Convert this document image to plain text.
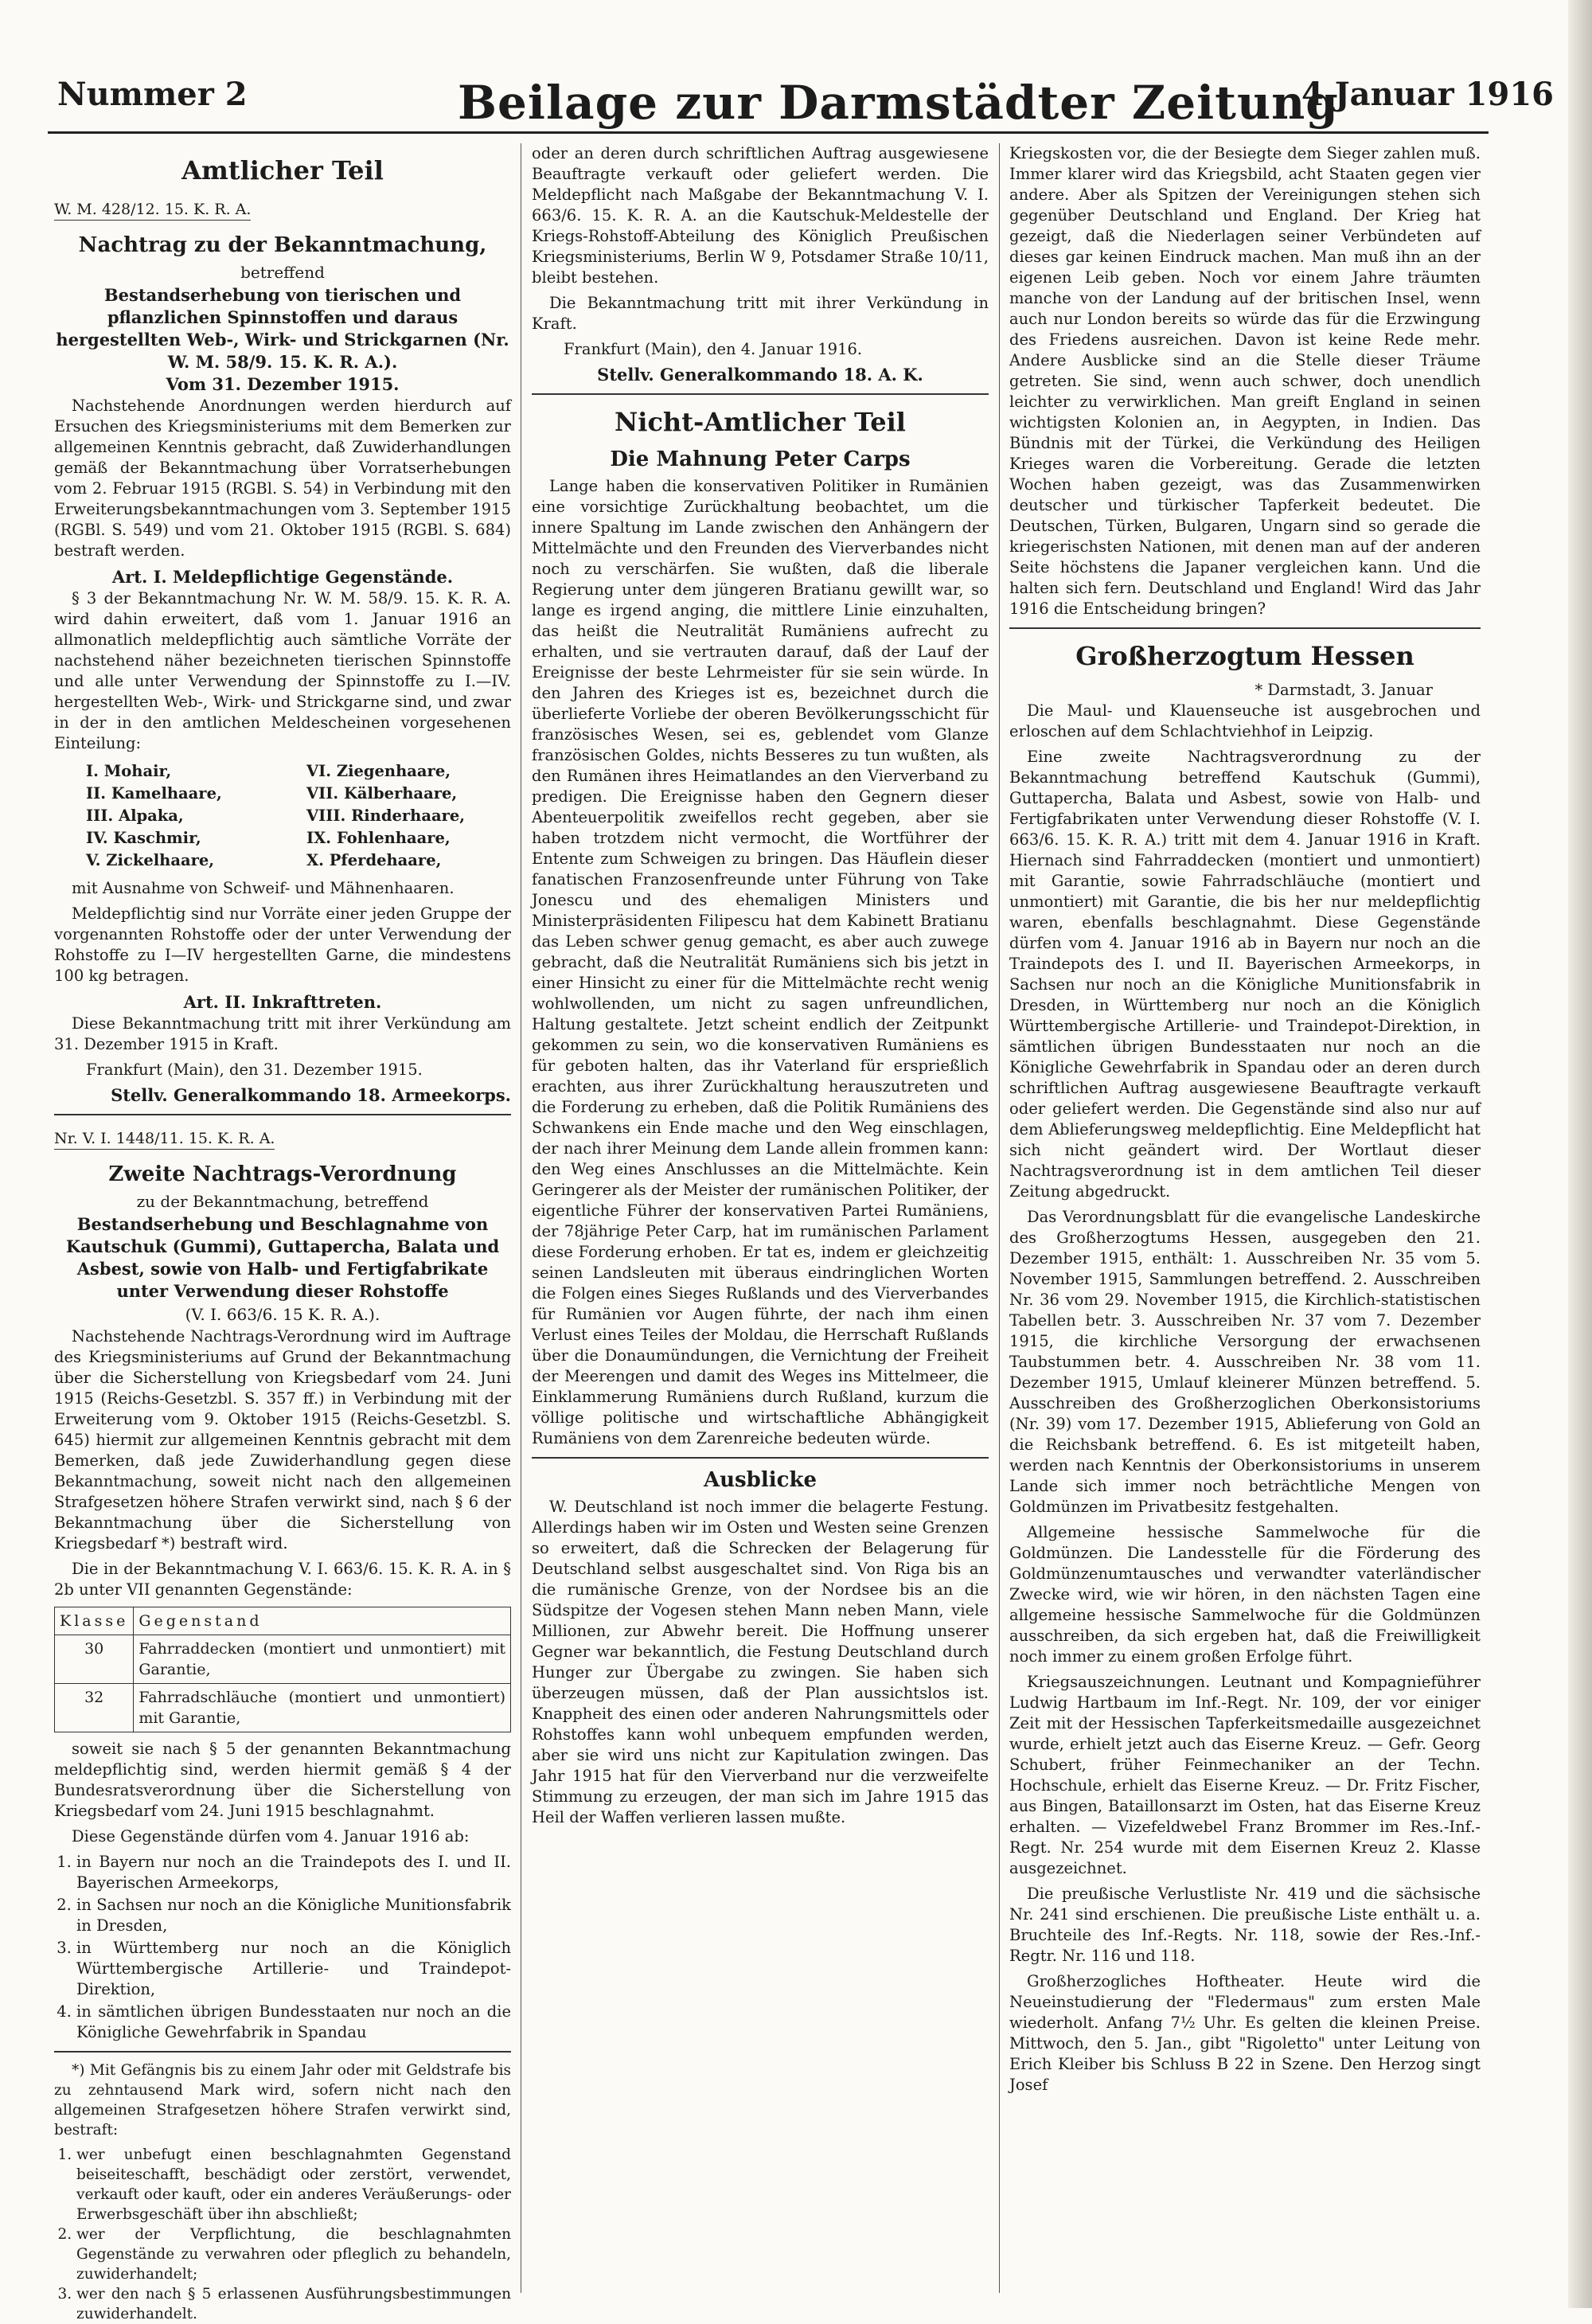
Nummer 2	Beilage zur Darmstädter Zeitung
4 Januar 1916
Amtlicher Teil
W. M. 428/12. 15. K. R. A.
Nachtrag zu der Bekanntmachung,
betreffend
Bestandserhebung von tierischen und pflanzlichen Spinnstoffen und daraus hergestellten Web-, Wirk- und Strickgarnen (Nr. W. M. 58/9. 15. K. R. A.).
Vom 31. Dezember 1915.

Nachstehende Anordnungen werden hierdurch auf Ersuchen des Kriegsministeriums mit dem Bemerken zur allgemeinen Kenntnis gebracht, daß Zuwiderhandlungen gemäß der Bekanntmachung über Vorratserhebungen vom 2. Februar 1915 (RGBl. S. 54) in Verbindung mit den Erweiterungsbekanntmachungen vom 3. September 1915 (RGBl. S. 549) und vom 21. Oktober 1915 (RGBl. S. 684) bestraft werden.

Art. I. Meldepflichtige Gegenstände.

§ 3 der Bekanntmachung Nr. W. M. 58/9. 15. K. R. A. wird dahin erweitert, daß vom 1. Januar 1916 an allmonatlich meldepflichtig auch sämtliche Vorräte der nachstehend näher bezeichneten tierischen Spinnstoffe und alle unter Verwendung der Spinnstoffe zu I.—IV. hergestellten Web-, Wirk- und Strickgarne sind, und zwar in der in den amtlichen Meldescheinen vorgesehenen Einteilung:

I. Mohair,	VI. Ziegenhaare,
II. Kamelhaare,	VII. Kälberhaare,
III. Alpaka,	VIII. Rinderhaare,
IV. Kaschmir,	IX. Fohlenhaare,
V. Zickelhaare,	X. Pferdehaare,

mit Ausnahme von Schweif- und Mähnenhaaren.

Meldepflichtig sind nur Vorräte einer jeden Gruppe der vorgenannten Rohstoffe oder der unter Verwendung der Rohstoffe zu I—IV hergestellten Garne, die mindestens 100 kg betragen.

Art. II. Inkrafttreten.

Diese Bekanntmachung tritt mit ihrer Verkündung am 31. Dezember 1915 in Kraft.

Frankfurt (Main), den 31. Dezember 1915.

Stellv. Generalkommando 18. Armeekorps.
Nr. V. I. 1448/11. 15. K. R. A.
Zweite Nachtrags-Verordnung
zu der Bekanntmachung, betreffend
Bestandserhebung und Beschlagnahme von Kautschuk (Gummi), Guttapercha, Balata und Asbest, sowie von Halb- und Fertigfabrikate unter Verwendung dieser Rohstoffe
(V. I. 663/6. 15 K. R. A.).

Nachstehende Nachtrags-Verordnung wird im Auftrage des Kriegsministeriums auf Grund der Bekanntmachung über die Sicherstellung von Kriegsbedarf vom 24. Juni 1915 (Reichs-Gesetzbl. S. 357 ff.) in Verbindung mit der Erweiterung vom 9. Oktober 1915 (Reichs-Gesetzbl. S. 645) hiermit zur allgemeinen Kenntnis gebracht mit dem Bemerken, daß jede Zuwiderhandlung gegen diese Bekanntmachung, soweit nicht nach den allgemeinen Strafgesetzen höhere Strafen verwirkt sind, nach § 6 der Bekanntmachung über die Sicherstellung von Kriegsbedarf *) bestraft wird.

Die in der Bekanntmachung V. I. 663/6. 15. K. R. A. in § 2b unter VII genannten Gegenstände:

Klasse	Gegenstand
30	Fahrraddecken (montiert und unmontiert) mit Garantie,
32	Fahrradschläuche (montiert und unmontiert) mit Garantie,

soweit sie nach § 5 der genannten Bekanntmachung meldepflichtig sind, werden hiermit gemäß § 4 der Bundesratsverordnung über die Sicherstellung von Kriegsbedarf vom 24. Juni 1915 beschlagnahmt.

Diese Gegenstände dürfen vom 4. Januar 1916 ab:

1. in Bayern nur noch an die Traindepots des I. und II. Bayerischen Armeekorps,
2. in Sachsen nur noch an die Königliche Munitionsfabrik in Dresden,
3. in Württemberg nur noch an die Königlich Württembergische Artillerie- und Traindepot-Direktion,
4. in sämtlichen übrigen Bundesstaaten nur noch an die Königliche Gewehrfabrik in Spandau

*) Mit Gefängnis bis zu einem Jahr oder mit Geldstrafe bis zu zehntausend Mark wird, sofern nicht nach den allgemeinen Strafgesetzen höhere Strafen verwirkt sind, bestraft:

1. wer unbefugt einen beschlagnahmten Gegenstand beiseiteschafft, beschädigt oder zerstört, verwendet, verkauft oder kauft, oder ein anderes Veräußerungs- oder Erwerbsgeschäft über ihn abschließt;
2. wer der Verpflichtung, die beschlagnahmten Gegenstände zu verwahren oder pfleglich zu behandeln, zuwiderhandelt;
3. wer den nach § 5 erlassenen Ausführungsbestimmungen zuwiderhandelt.

oder an deren durch schriftlichen Auftrag ausgewiesene Beauftragte verkauft oder geliefert werden. Die Meldepflicht nach Maßgabe der Bekanntmachung V. I. 663/6. 15. K. R. A. an die Kautschuk-Meldestelle der Kriegs-Rohstoff-Abteilung des Königlich Preußischen Kriegsministeriums, Berlin W 9, Potsdamer Straße 10/11, bleibt bestehen.

Die Bekanntmachung tritt mit ihrer Verkündung in Kraft.

Frankfurt (Main), den 4. Januar 1916.

Stellv. Generalkommando 18. A. K.
Nicht-Amtlicher Teil
Die Mahnung Peter Carps

Lange haben die konservativen Politiker in Rumänien eine vorsichtige Zurückhaltung beobachtet, um die innere Spaltung im Lande zwischen den Anhängern der Mittelmächte und den Freunden des Vierverbandes nicht noch zu verschärfen. Sie wußten, daß die liberale Regierung unter dem jüngeren Bratianu gewillt war, so lange es irgend anging, die mittlere Linie einzuhalten, das heißt die Neutralität Rumäniens aufrecht zu erhalten, und sie vertrauten darauf, daß der Lauf der Ereignisse der beste Lehrmeister für sie sein würde. In den Jahren des Krieges ist es, bezeichnet durch die überlieferte Vorliebe der oberen Bevölkerungsschicht für französisches Wesen, sei es, geblendet vom Glanze französischen Goldes, nichts Besseres zu tun wußten, als den Rumänen ihres Heimatlandes an den Vierverband zu predigen. Die Ereignisse haben den Gegnern dieser Abenteuerpolitik zweifellos recht gegeben, aber sie haben trotzdem nicht vermocht, die Wortführer der Entente zum Schweigen zu bringen. Das Häuflein dieser fanatischen Franzosenfreunde unter Führung von Take Jonescu und des ehemaligen Ministers und Ministerpräsidenten Filipescu hat dem Kabinett Bratianu das Leben schwer genug gemacht, es aber auch zuwege gebracht, daß die Neutralität Rumäniens sich bis jetzt in einer Hinsicht zu einer für die Mittelmächte recht wenig wohlwollenden, um nicht zu sagen unfreundlichen, Haltung gestaltete. Jetzt scheint endlich der Zeitpunkt gekommen zu sein, wo die konservativen Rumäniens es für geboten halten, das ihr Vaterland für ersprießlich erachten, aus ihrer Zurückhaltung herauszutreten und die Forderung zu erheben, daß die Politik Rumäniens des Schwankens ein Ende mache und den Weg einschlagen, der nach ihrer Meinung dem Lande allein frommen kann: den Weg eines Anschlusses an die Mittelmächte. Kein Geringerer als der Meister der rumänischen Politiker, der eigentliche Führer der konservativen Partei Rumäniens, der 78jährige Peter Carp, hat im rumänischen Parlament diese Forderung erhoben. Er tat es, indem er gleichzeitig seinen Landsleuten mit überaus eindringlichen Worten die Folgen eines Sieges Rußlands und des Vierverbandes für Rumänien vor Augen führte, der nach ihm einen Verlust eines Teiles der Moldau, die Herrschaft Rußlands über die Donaumündungen, die Vernichtung der Freiheit der Meerengen und damit des Weges ins Mittelmeer, die Einklammerung Rumäniens durch Rußland, kurzum die völlige politische und wirtschaftliche Abhängigkeit Rumäniens von dem Zarenreiche bedeuten würde.

Ausblicke

W. Deutschland ist noch immer die belagerte Festung. Allerdings haben wir im Osten und Westen seine Grenzen so erweitert, daß die Schrecken der Belagerung für Deutschland selbst ausgeschaltet sind. Von Riga bis an die rumänische Grenze, von der Nordsee bis an die Südspitze der Vogesen stehen Mann neben Mann, viele Millionen, zur Abwehr bereit. Die Hoffnung unserer Gegner war bekanntlich, die Festung Deutschland durch Hunger zur Übergabe zu zwingen. Sie haben sich überzeugen müssen, daß der Plan aussichtslos ist. Knappheit des einen oder anderen Nahrungsmittels oder Rohstoffes kann wohl unbequem empfunden werden, aber sie wird uns nicht zur Kapitulation zwingen. Das Jahr 1915 hat für den Vierverband nur die verzweifelte Stimmung zu erzeugen, der man sich im Jahre 1915 das Heil der Waffen verlieren lassen mußte.

Kriegskosten vor, die der Besiegte dem Sieger zahlen muß. Immer klarer wird das Kriegsbild, acht Staaten gegen vier andere. Aber als Spitzen der Vereinigungen stehen sich gegenüber Deutschland und England. Der Krieg hat gezeigt, daß die Niederlagen seiner Verbündeten auf dieses gar keinen Eindruck machen. Man muß ihn an der eigenen Leib geben. Noch vor einem Jahre träumten manche von der Landung auf der britischen Insel, wenn auch nur London bereits so würde das für die Erzwingung des Friedens ausreichen. Davon ist keine Rede mehr. Andere Ausblicke sind an die Stelle dieser Träume getreten. Sie sind, wenn auch schwer, doch unendlich leichter zu verwirklichen. Man greift England in seinen wichtigsten Kolonien an, in Aegypten, in Indien. Das Bündnis mit der Türkei, die Verkündung des Heiligen Krieges waren die Vorbereitung. Gerade die letzten Wochen haben gezeigt, was das Zusammenwirken deutscher und türkischer Tapferkeit bedeutet. Die Deutschen, Türken, Bulgaren, Ungarn sind so gerade die kriegerischsten Nationen, mit denen man auf der anderen Seite höchstens die Japaner vergleichen kann. Und die halten sich fern. Deutschland und England! Wird das Jahr 1916 die Entscheidung bringen?

Großherzogtum Hessen
* Darmstadt, 3. Januar

Die Maul- und Klauenseuche ist ausgebrochen und erloschen auf dem Schlachtviehhof in Leipzig.

Eine zweite Nachtragsverordnung zu der Bekanntmachung betreffend Kautschuk (Gummi), Guttapercha, Balata und Asbest, sowie von Halb- und Fertigfabrikaten unter Verwendung dieser Rohstoffe (V. I. 663/6. 15. K. R. A.) tritt mit dem 4. Januar 1916 in Kraft. Hiernach sind Fahrraddecken (montiert und unmontiert) mit Garantie, sowie Fahrradschläuche (montiert und unmontiert) mit Garantie, die bis her nur meldepflichtig waren, ebenfalls beschlagnahmt. Diese Gegenstände dürfen vom 4. Januar 1916 ab in Bayern nur noch an die Traindepots des I. und II. Bayerischen Armeekorps, in Sachsen nur noch an die Königliche Munitionsfabrik in Dresden, in Württemberg nur noch an die Königlich Württembergische Artillerie- und Traindepot-Direktion, in sämtlichen übrigen Bundesstaaten nur noch an die Königliche Gewehrfabrik in Spandau oder an deren durch schriftlichen Auftrag ausgewiesene Beauftragte verkauft oder geliefert werden. Die Gegenstände sind also nur auf dem Ablieferungsweg meldepflichtig. Eine Meldepflicht hat sich nicht geändert wird. Der Wortlaut dieser Nachtragsverordnung ist in dem amtlichen Teil dieser Zeitung abgedruckt.

Das Verordnungsblatt für die evangelische Landeskirche des Großherzogtums Hessen, ausgegeben den 21. Dezember 1915, enthält: 1. Ausschreiben Nr. 35 vom 5. November 1915, Sammlungen betreffend. 2. Ausschreiben Nr. 36 vom 29. November 1915, die Kirchlich-statistischen Tabellen betr. 3. Ausschreiben Nr. 37 vom 7. Dezember 1915, die kirchliche Versorgung der erwachsenen Taubstummen betr. 4. Ausschreiben Nr. 38 vom 11. Dezember 1915, Umlauf kleinerer Münzen betreffend. 5. Ausschreiben des Großherzoglichen Oberkonsistoriums (Nr. 39) vom 17. Dezember 1915, Ablieferung von Gold an die Reichsbank betreffend. 6. Es ist mitgeteilt haben, werden nach Kenntnis der Oberkonsistoriums in unserem Lande sich immer noch beträchtliche Mengen von Goldmünzen im Privatbesitz festgehalten.

Allgemeine hessische Sammelwoche für die Goldmünzen. Die Landesstelle für die Förderung des Goldmünzenumtausches und verwandter vaterländischer Zwecke wird, wie wir hören, in den nächsten Tagen eine allgemeine hessische Sammelwoche für die Goldmünzen ausschreiben, da sich ergeben hat, daß die Freiwilligkeit noch immer zu einem großen Erfolge führt.

Kriegsauszeichnungen. Leutnant und Kompagnieführer Ludwig Hartbaum im Inf.-Regt. Nr. 109, der vor einiger Zeit mit der Hessischen Tapferkeitsmedaille ausgezeichnet wurde, erhielt jetzt auch das Eiserne Kreuz. — Gefr. Georg Schubert, früher Feinmechaniker an der Techn. Hochschule, erhielt das Eiserne Kreuz. — Dr. Fritz Fischer, aus Bingen, Bataillonsarzt im Osten, hat das Eiserne Kreuz erhalten. — Vizefeldwebel Franz Brommer im Res.-Inf.-Regt. Nr. 254 wurde mit dem Eisernen Kreuz 2. Klasse ausgezeichnet.

Die preußische Verlustliste Nr. 419 und die sächsische Nr. 241 sind erschienen. Die preußische Liste enthält u. a. Bruchteile des Inf.-Regts. Nr. 118, sowie der Res.-Inf.-Regtr. Nr. 116 und 118.

Großherzogliches Hoftheater. Heute wird die Neueinstudierung der "Fledermaus" zum ersten Male wiederholt. Anfang 7½ Uhr. Es gelten die kleinen Preise. Mittwoch, den 5. Jan., gibt "Rigoletto" unter Leitung von Erich Kleiber bis Schluss B 22 in Szene. Den Herzog singt Josef
